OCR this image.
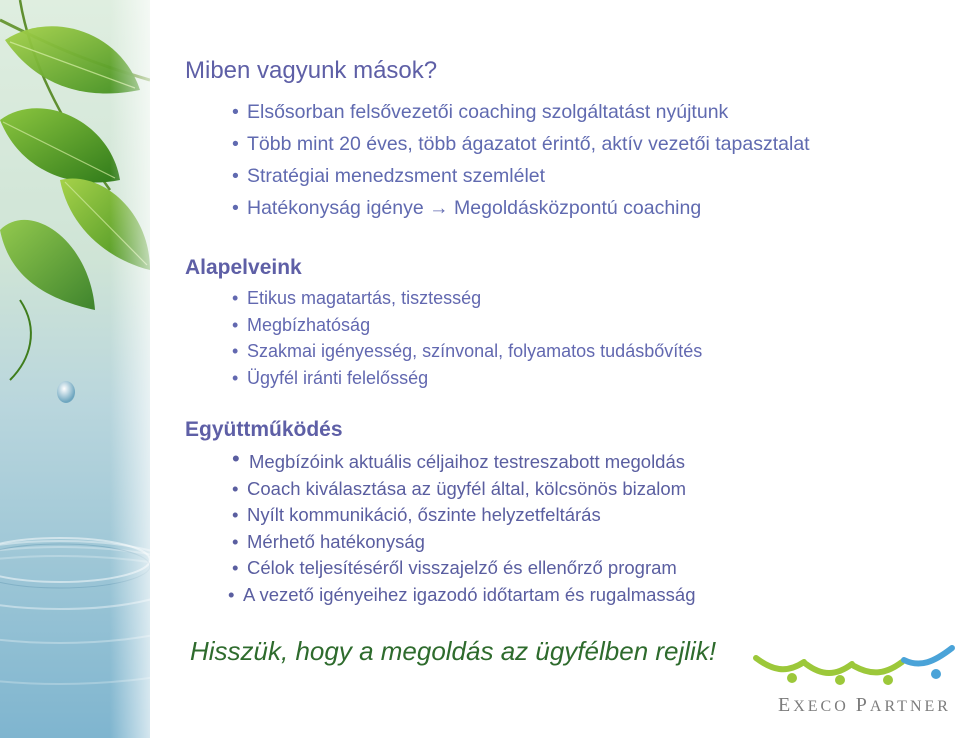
Miben vagyunk mások?
• Elsősorban felsővezetői coaching szolgáltatást nyújtunk
• Több mint 20 éves, több ágazatot érintő, aktív vezetői tapasztalat
• Stratégiai menedzsment szemlélet
• Hatékonyság igénye → Megoldásközpontú coaching
Alapelveink
• Etikus magatartás, tisztesség
• Megbízhatóság
• Szakmai igényesség, színvonal, folyamatos tudásbővítés
• Ügyfél iránti felelősség
Együttműködés
• Megbízóink aktuális céljaihoz testreszabott megoldás
• Coach kiválasztása az ügyfél által, kölcsönös bizalom
• Nyílt kommunikáció, őszinte helyzetfeltárás
• Mérhető hatékonyság
• Célok teljesítéséről visszajelző és ellenőrző program
• A vezető igényeihez igazodó időtartam és rugalmasság

Hisszük, hogy a megoldás az ügyfélben rejlik!

EXECO PARTNER
